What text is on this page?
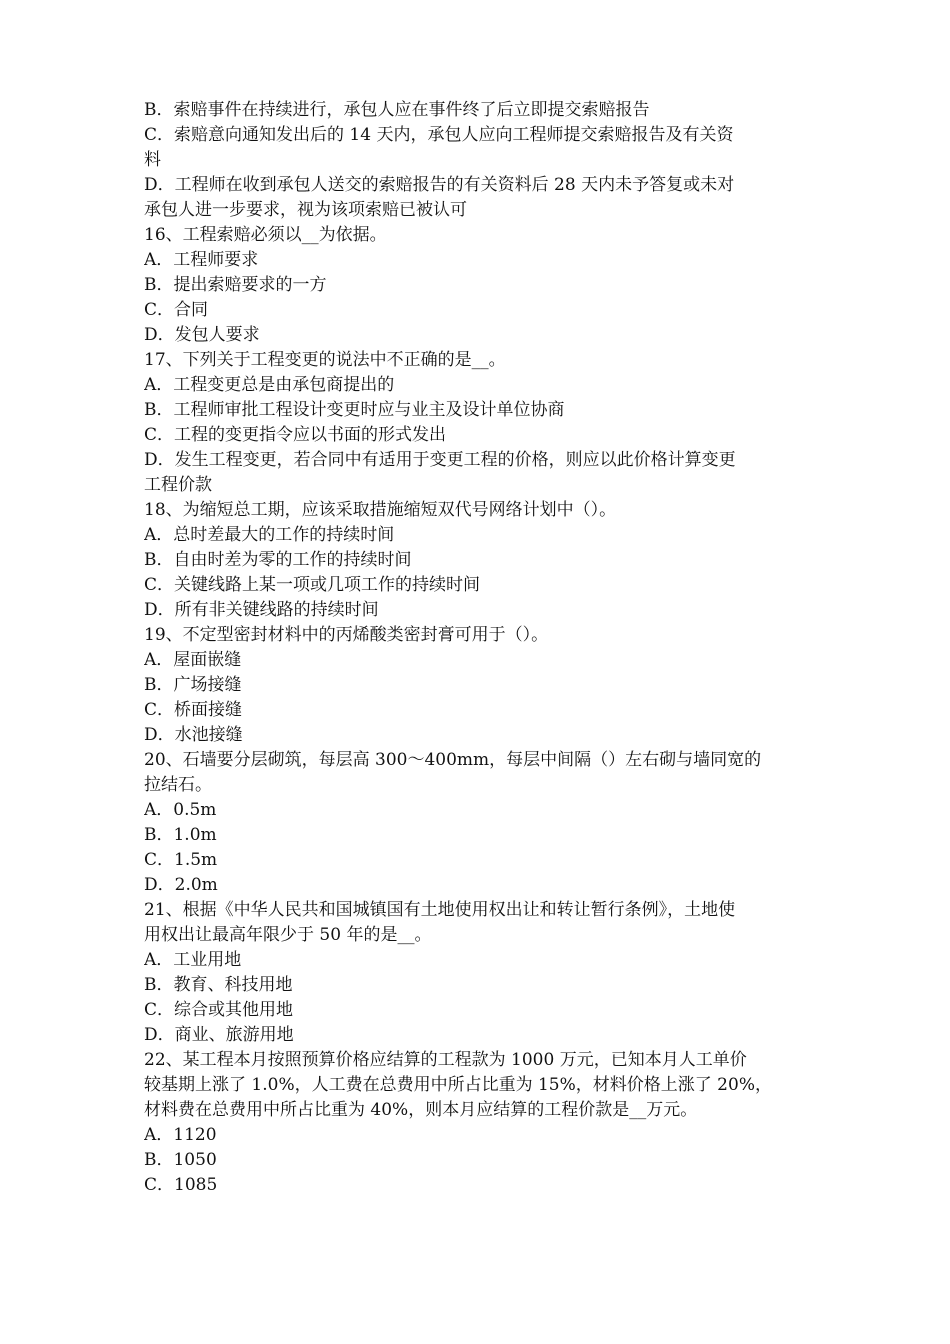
B．索赔事件在持续进行，承包人应在事件终了后立即提交索赔报告
C．索赔意向通知发出后的 14 天内，承包人应向工程师提交索赔报告及有关资
料
D．工程师在收到承包人送交的索赔报告的有关资料后 28 天内未予答复或未对
承包人进一步要求，视为该项索赔已被认可
16、工程索赔必须以__为依据。
A．工程师要求
B．提出索赔要求的一方
C．合同
D．发包人要求
17、下列关于工程变更的说法中不正确的是__。
A．工程变更总是由承包商提出的
B．工程师审批工程设计变更时应与业主及设计单位协商
C．工程的变更指令应以书面的形式发出
D．发生工程变更，若合同中有适用于变更工程的价格，则应以此价格计算变更
工程价款
18、为缩短总工期，应该采取措施缩短双代号网络计划中（）。
A．总时差最大的工作的持续时间
B．自由时差为零的工作的持续时间
C．关键线路上某一项或几项工作的持续时间
D．所有非关键线路的持续时间
19、不定型密封材料中的丙烯酸类密封膏可用于（）。
A．屋面嵌缝
B．广场接缝
C．桥面接缝
D．水池接缝
20、石墙要分层砌筑，每层高 300～400mm，每层中间隔（）左右砌与墙同宽的
拉结石。
A．0.5m
B．1.0m
C．1.5m
D．2.0m
21、根据《中华人民共和国城镇国有土地使用权出让和转让暂行条例》，土地使
用权出让最高年限少于 50 年的是__。
A．工业用地
B．教育、科技用地
C．综合或其他用地
D．商业、旅游用地
22、某工程本月按照预算价格应结算的工程款为 1000 万元，已知本月人工单价
较基期上涨了 1.0%，人工费在总费用中所占比重为 15%，材料价格上涨了 20%，
材料费在总费用中所占比重为 40%，则本月应结算的工程价款是__万元。
A．1120
B．1050
C．1085
